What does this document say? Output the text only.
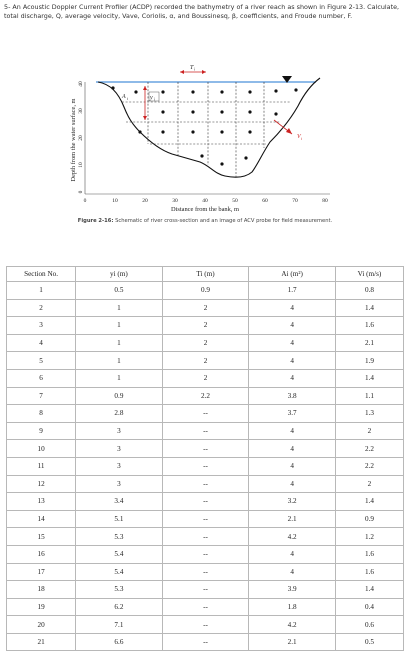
5- An Acoustic Doppler Current Profiler (ACDP) recorded the bathymetry of a river reach as shown in Figure 2-13. Calculate, total discharge, Q, average velocity, Vave, Coriolis, α, and Boussinesq, β, coefficients, and Froude number, F.
0	10	20	30	40	50	60	70	80
40
30
20
10
0
Depth from the water surface, m
Distance from the bank, m
T i
A i	y i
V i
Figure 2-16: Schematic of river cross-section and an image of ACV probe for field measurement.
Section No.	yi (m)	Ti (m)	Ai (m²)	Vi (m/s)
1	0.5	0.9	1.7	0.8
2	1	2	4	1.4
3	1	2	4	1.6
4	1	2	4	2.1
5	1	2	4	1.9
6	1	2	4	1.4
7	0.9	2.2	3.8	1.1
8	2.8	--	3.7	1.3
9	3	--	4	2
10	3	--	4	2.2
11	3	--	4	2.2
12	3	--	4	2
13	3.4	--	3.2	1.4
14	5.1	--	2.1	0.9
15	5.3	--	4.2	1.2
16	5.4	--	4	1.6
17	5.4	--	4	1.6
18	5.3	--	3.9	1.4
19	6.2	--	1.8	0.4
20	7.1	--	4.2	0.6
21	6.6	--	2.1	0.5
